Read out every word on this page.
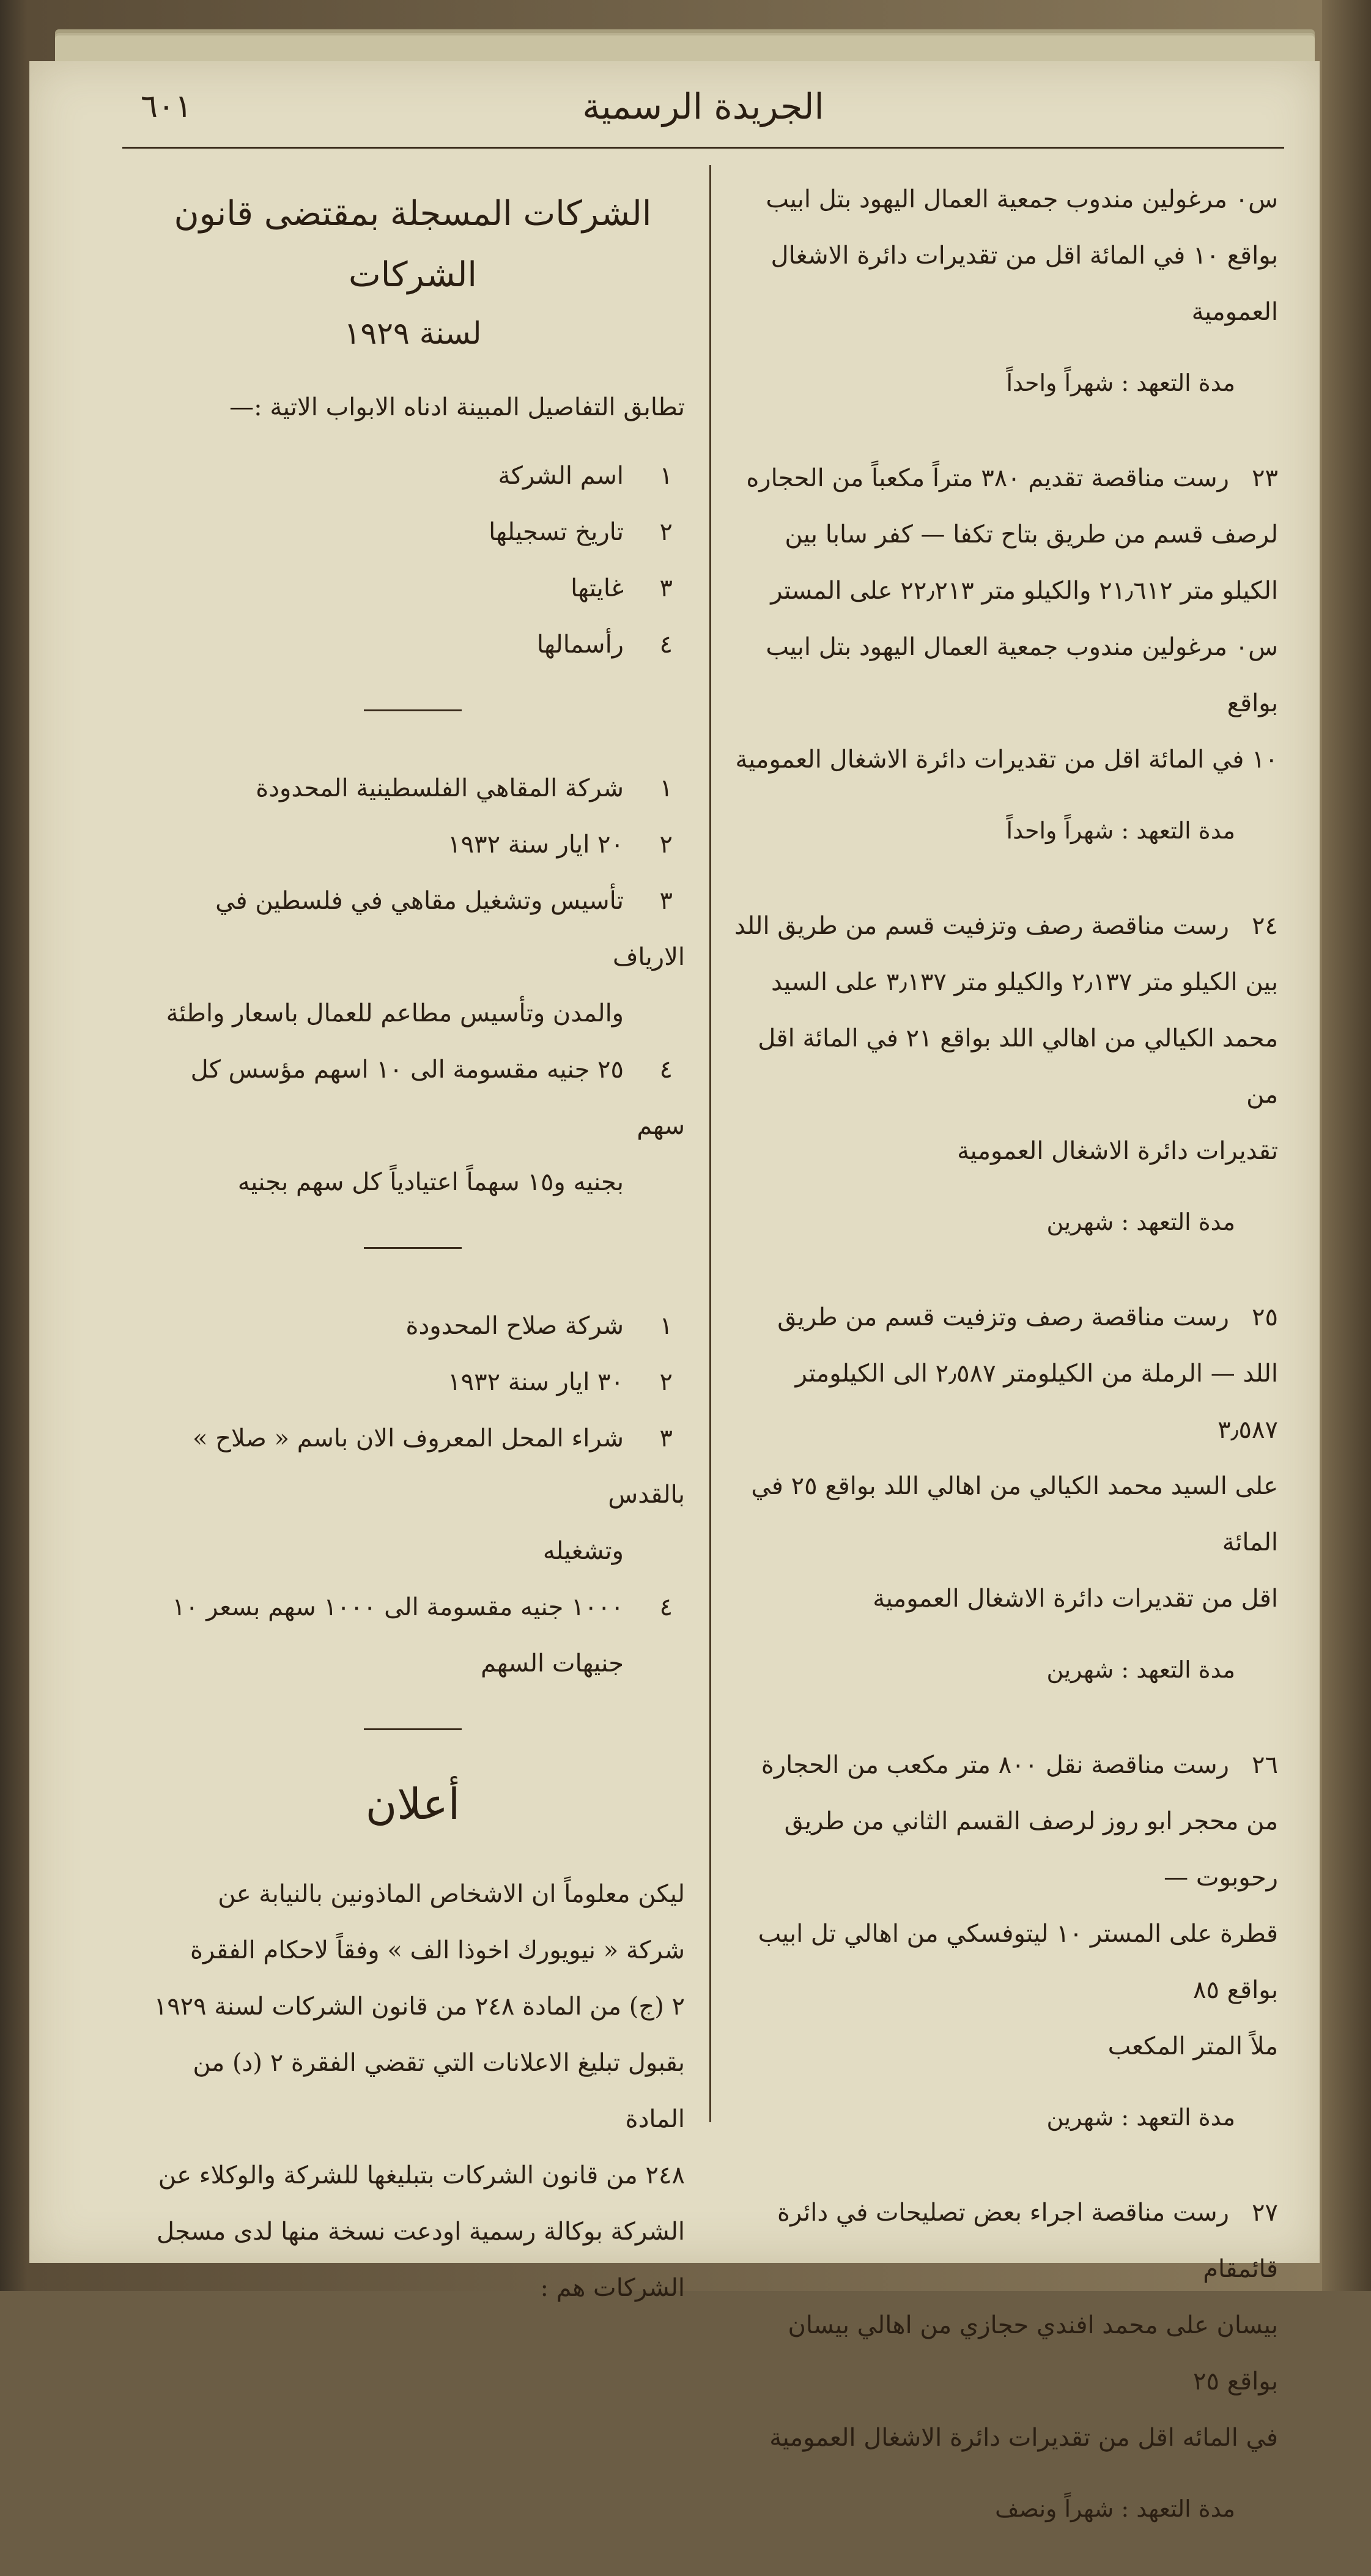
الجريدة الرسمية
٦٠١

س٠ مرغولين مندوب جمعية العمال اليهود بتل ابيب
بواقع ١٠ في المائة اقل من تقديرات دائرة الاشغال العمومية

مدة التعهد : شهراً واحداً

٢٣رست مناقصة تقديم ٣٨٠ متراً مكعباً من الحجاره
لرصف قسم من طريق بتاح تكفا — كفر سابا بين
الكيلو متر ٢١٫٦١٢ والكيلو متر ٢٢٫٢١٣ على المستر
س٠ مرغولين مندوب جمعية العمال اليهود بتل ابيب بواقع
١٠ في المائة اقل من تقديرات دائرة الاشغال العمومية

مدة التعهد : شهراً واحداً

٢٤رست مناقصة رصف وتزفيت قسم من طريق اللد
بين الكيلو متر ٢٫١٣٧ والكيلو متر ٣٫١٣٧ على السيد
محمد الكيالي من اهالي اللد بواقع ٢١ في المائة اقل من
تقديرات دائرة الاشغال العمومية

مدة التعهد : شهرين

٢٥رست مناقصة رصف وتزفيت قسم من طريق
اللد — الرملة من الكيلومتر ٢٫٥٨٧ الى الكيلومتر ٣٫٥٨٧
على السيد محمد الكيالي من اهالي اللد بواقع ٢٥ في المائة
اقل من تقديرات دائرة الاشغال العمومية

مدة التعهد : شهرين

٢٦رست مناقصة نقل ٨٠٠ متر مكعب من الحجارة
من محجر ابو روز لرصف القسم الثاني من طريق رحوبوت —
قطرة على المستر ١٠ ليتوفسكي من اهالي تل ابيب بواقع ٨٥
ملاً المتر المكعب

مدة التعهد : شهرين

٢٧رست مناقصة اجراء بعض تصليحات في دائرة قائمقام
بيسان على محمد افندي حجازي من اهالي بيسان بواقع ٢٥
في المائه اقل من تقديرات دائرة الاشغال العمومية

مدة التعهد : شهراً ونصف
الشركات المسجلة بمقتضى قانون الشركات
لسنة ١٩٢٩
تطابق التفاصيل المبينة ادناه الابواب الاتية :—
١اسم الشركة
٢تاريخ تسجيلها
٣غايتها
٤رأسمالها
١شركة المقاهي الفلسطينية المحدودة
٢٢٠ ايار سنة ١٩٣٢
٣تأسيس وتشغيل مقاهي في فلسطين في الارياف
والمدن وتأسيس مطاعم للعمال باسعار واطئة
٤٢٥ جنيه مقسومة الى ١٠ اسهم مؤسس كل سهم
بجنيه و١٥ سهماً اعتيادياً كل سهم بجنيه
١شركة صلاح المحدودة
٢٣٠ ايار سنة ١٩٣٢
٣شراء المحل المعروف الان باسم « صلاح » بالقدس
وتشغيله
٤١٠٠٠ جنيه مقسومة الى ١٠٠٠ سهم بسعر ١٠
جنيهات السهم
أعلان
ليكن معلوماً ان الاشخاص الماذونين بالنيابة عن
شركة « نيويورك اخوذا الف » وفقاً لاحكام الفقرة
٢ (ج) من المادة ٢٤٨ من قانون الشركات لسنة ١٩٢٩
بقبول تبليغ الاعلانات التي تقضي الفقرة ٢ (د) من المادة
٢٤٨ من قانون الشركات بتبليغها للشركة والوكلاء عن
الشركة بوكالة رسمية اودعت نسخة منها لدى مسجل
الشركات هم :
